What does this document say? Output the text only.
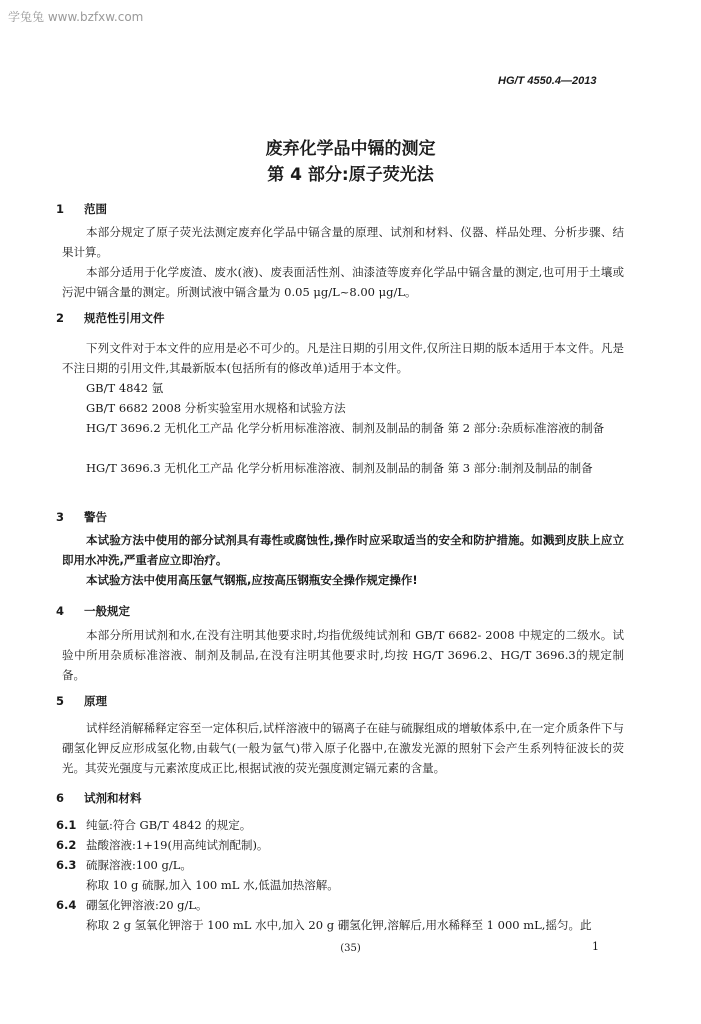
学兔兔 www.bzfxw.com
HG/T 4550.4—2013
废弃化学品中镉的测定
第 4 部分:原子荧光法
1 范围
本部分规定了原子荧光法测定废弃化学品中镉含量的原理、试剂和材料、仪器、样品处理、分析步骤、结果计算。
本部分适用于化学废渣、废水(液)、废表面活性剂、油漆渣等废弃化学品中镉含量的测定,也可用于土壤或污泥中镉含量的测定。所测试液中镉含量为 0.05 μg/L~8.00 μg/L。
2 规范性引用文件
下列文件对于本文件的应用是必不可少的。凡是注日期的引用文件,仅所注日期的版本适用于本文件。凡是不注日期的引用文件,其最新版本(包括所有的修改单)适用于本文件。
GB/T 4842 氩
GB/T 6682 2008 分析实验室用水规格和试验方法
HG/T 3696.2 无机化工产品 化学分析用标准溶液、制剂及制品的制备 第 2 部分:杂质标准溶液的制备
HG/T 3696.3 无机化工产品 化学分析用标准溶液、制剂及制品的制备 第 3 部分:制剂及制品的制备
3 警告
本试验方法中使用的部分试剂具有毒性或腐蚀性,操作时应采取适当的安全和防护措施。如溅到皮肤上应立即用水冲洗,严重者应立即治疗。
本试验方法中使用高压氩气钢瓶,应按高压钢瓶安全操作规定操作!
4 一般规定
本部分所用试剂和水,在没有注明其他要求时,均指优级纯试剂和 GB/T 6682- 2008 中规定的二级水。试验中所用杂质标准溶液、制剂及制品,在没有注明其他要求时,均按 HG/T 3696.2、HG/T 3696.3的规定制备。
5 原理
试样经消解稀释定容至一定体积后,试样溶液中的镉离子在硅与硫脲组成的增敏体系中,在一定介质条件下与硼氢化钾反应形成氢化物,由载气(一般为氩气)带入原子化器中,在激发光源的照射下会产生系列特征波长的荧光。其荧光强度与元素浓度成正比,根据试液的荧光强度测定镉元素的含量。
6 试剂和材料
6.1 纯氩:符合 GB/T 4842 的规定。
6.2 盐酸溶液:1+19(用高纯试剂配制)。
6.3 硫脲溶液:100 g/L。
称取 10 g 硫脲,加入 100 mL 水,低温加热溶解。
6.4 硼氢化钾溶液:20 g/L。
称取 2 g 氢氧化钾溶于 100 mL 水中,加入 20 g 硼氢化钾,溶解后,用水稀释至 1 000 mL,摇匀。此
(35)	1
